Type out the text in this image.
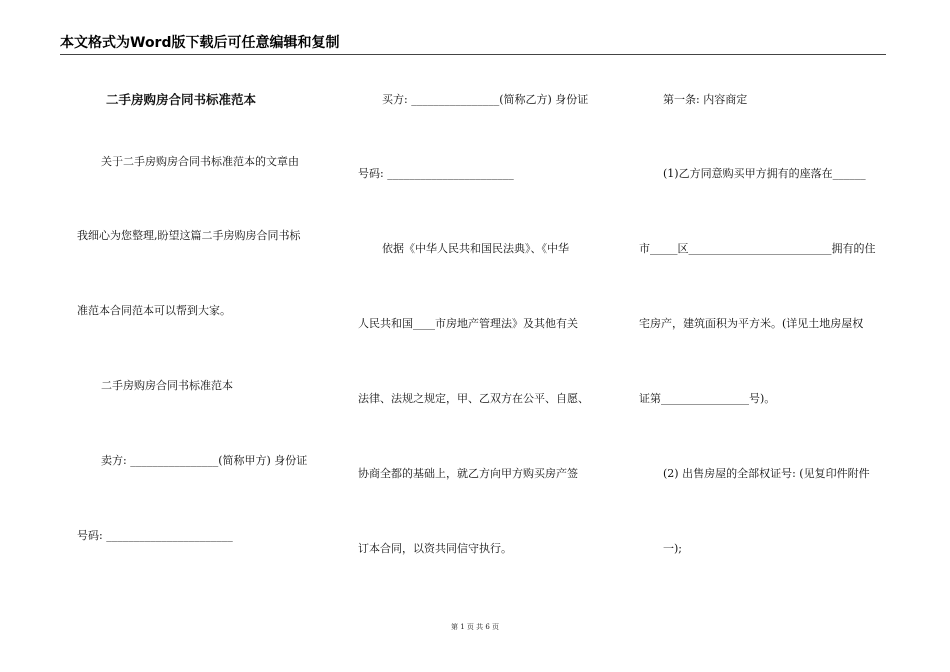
本文格式为Word版下载后可任意编辑和复制
二手房购房合同书标准范本
关于二手房购房合同书标准范本的文章由
我细心为您整理,盼望这篇二手房购房合同书标
准范本合同范本可以帮到大家。
二手房购房合同书标准范本
卖方: ________________(简称甲方) 身份证
号码: _______________________
买方: ________________(简称乙方) 身份证
号码: _______________________
依据《中华人民共和国民法典》、《中华
人民共和国____市房地产管理法》及其他有关
法律、法规之规定，甲、乙双方在公平、自愿、
协商全都的基础上，就乙方向甲方购买房产签
订本合同，以资共同信守执行。
第一条: 内容商定
(1)乙方同意购买甲方拥有的座落在______
市_____区__________________________拥有的住
宅房产，建筑面积为平方米。(详见土地房屋权
证第________________号)。
(2) 出售房屋的全部权证号: (见复印件附件
一);
第 1 页 共 6 页
